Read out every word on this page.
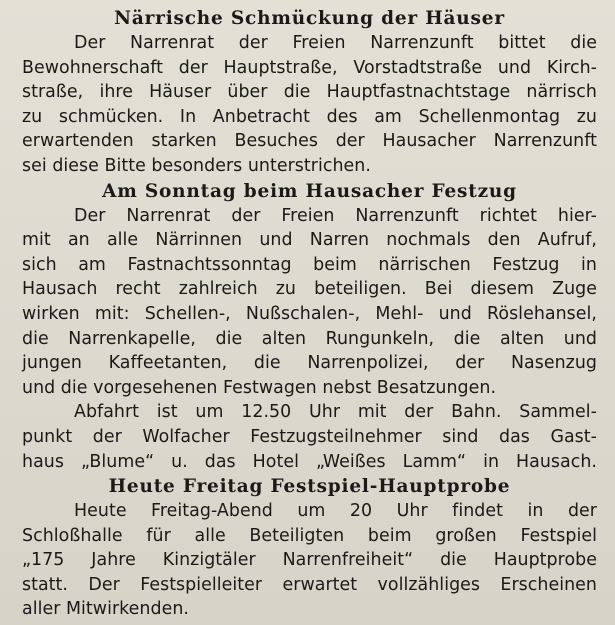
Närrische Schmückung der Häuser
Der Narrenrat der Freien Narrenzunft bittet die
Bewohnerschaft der Hauptstraße, Vorstadtstraße und Kirch-
straße, ihre Häuser über die Hauptfastnachtstage närrisch
zu schmücken. In Anbetracht des am Schellenmontag zu
erwartenden starken Besuches der Hausacher Narrenzunft
sei diese Bitte besonders unterstrichen.
Am Sonntag beim Hausacher Festzug
Der Narrenrat der Freien Narrenzunft richtet hier-
mit an alle Närrinnen und Narren nochmals den Aufruf,
sich am Fastnachtssonntag beim närrischen Festzug in
Hausach recht zahlreich zu beteiligen. Bei diesem Zuge
wirken mit: Schellen-, Nußschalen-, Mehl- und Röslehansel,
die Narrenkapelle, die alten Rungunkeln, die alten und
jungen Kaffeetanten, die Narrenpolizei, der Nasenzug
und die vorgesehenen Festwagen nebst Besatzungen.
Abfahrt ist um 12.50 Uhr mit der Bahn. Sammel-
punkt der Wolfacher Festzugsteilnehmer sind das Gast-
haus „Blume“ u. das Hotel „Weißes Lamm“ in Hausach.
Heute Freitag Festspiel-Hauptprobe
Heute Freitag-Abend um 20 Uhr findet in der
Schloßhalle für alle Beteiligten beim großen Festspiel
„175 Jahre Kinzigtäler Narrenfreiheit“ die Hauptprobe
statt. Der Festspielleiter erwartet vollzähliges Erscheinen
aller Mitwirkenden.
